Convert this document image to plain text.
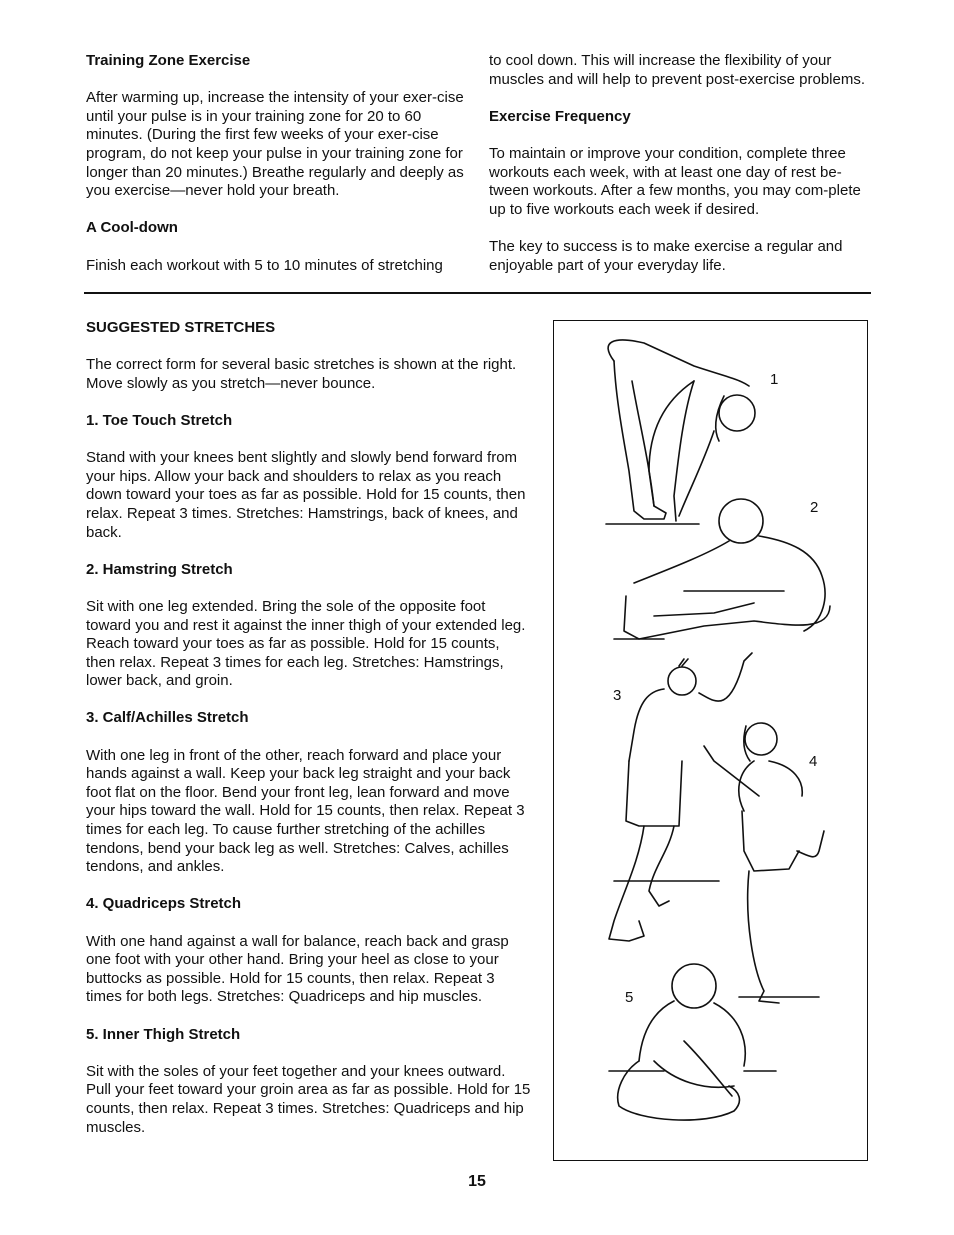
Training Zone Exercise

After warming up, increase the intensity of your exer-cise until your pulse is in your training zone for 20 to 60 minutes. (During the first few weeks of your exer-cise program, do not keep your pulse in your training zone for longer than 20 minutes.) Breathe regularly and deeply as you exercise—never hold your breath.

A Cool-down

Finish each workout with 5 to 10 minutes of stretching

to cool down. This will increase the flexibility of your muscles and will help to prevent post-exercise problems.

Exercise Frequency

To maintain or improve your condition, complete three workouts each week, with at least one day of rest be-tween workouts. After a few months, you may com-plete up to five workouts each week if desired.

The key to success is to make exercise a regular and enjoyable part of your everyday life.

SUGGESTED STRETCHES

The correct form for several basic stretches is shown at the right. Move slowly as you stretch—never bounce.

1. Toe Touch Stretch

Stand with your knees bent slightly and slowly bend forward from your hips. Allow your back and shoulders to relax as you reach down toward your toes as far as possible. Hold for 15 counts, then relax. Repeat 3 times. Stretches: Hamstrings, back of knees, and back.

2. Hamstring Stretch

Sit with one leg extended. Bring the sole of the opposite foot toward you and rest it against the inner thigh of your extended leg. Reach toward your toes as far as possible. Hold for 15 counts, then relax. Repeat 3 times for each leg. Stretches: Hamstrings, lower back, and groin.

3. Calf/Achilles Stretch

With one leg in front of the other, reach forward and place your hands against a wall. Keep your back leg straight and your back foot flat on the floor. Bend your front leg, lean forward and move your hips toward the wall. Hold for 15 counts, then relax. Repeat 3 times for each leg. To cause further stretching of the achilles tendons, bend your back leg as well. Stretches: Calves, achilles tendons, and ankles.

4. Quadriceps Stretch

With one hand against a wall for balance, reach back and grasp one foot with your other hand. Bring your heel as close to your buttocks as possible. Hold for 15 counts, then relax. Repeat 3 times for both legs. Stretches: Quadriceps and hip muscles.

5. Inner Thigh Stretch

Sit with the soles of your feet together and your knees outward. Pull your feet toward your groin area as far as possible. Hold for 15 counts, then relax. Repeat 3 times. Stretches: Quadriceps and hip muscles.

1
2
3
4
5
15
